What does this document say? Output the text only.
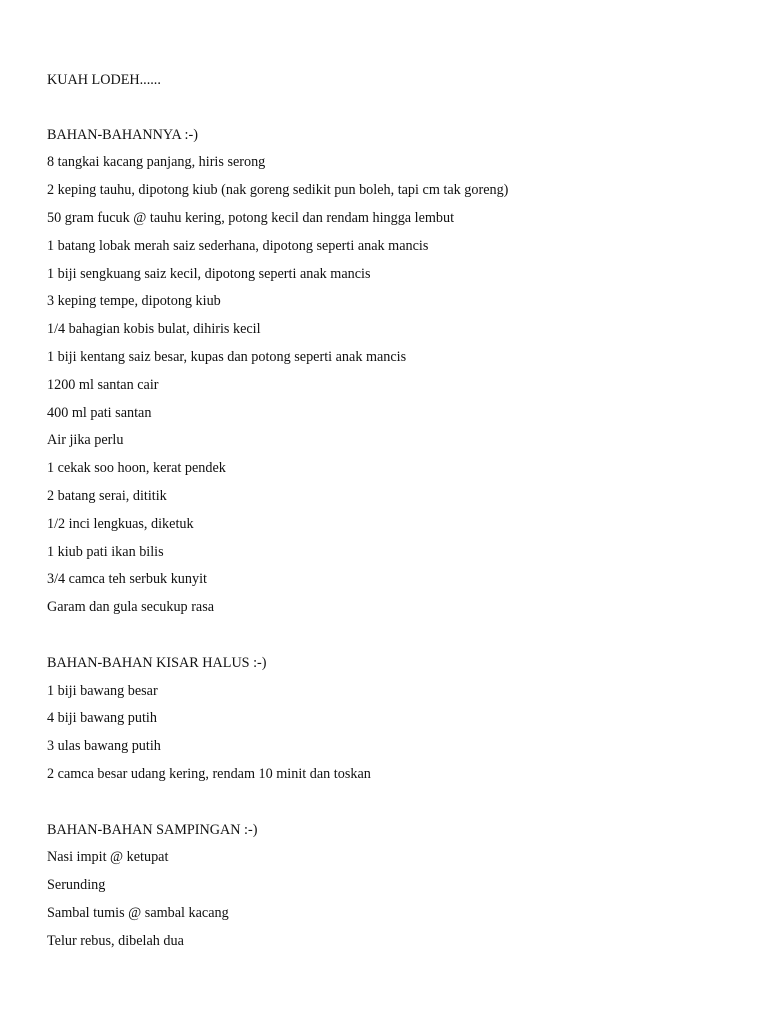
KUAH LODEH......

BAHAN-BAHANNYA :-)

8 tangkai kacang panjang, hiris serong

2 keping tauhu, dipotong kiub (nak goreng sedikit pun boleh, tapi cm tak goreng)

50 gram fucuk @ tauhu kering, potong kecil dan rendam hingga lembut

1 batang lobak merah saiz sederhana, dipotong seperti anak mancis

1 biji sengkuang saiz kecil, dipotong seperti anak mancis

3 keping tempe, dipotong kiub

1/4 bahagian kobis bulat, dihiris kecil

1 biji kentang saiz besar, kupas dan potong seperti anak mancis

1200 ml santan cair

400 ml pati santan

Air jika perlu

1 cekak soo hoon, kerat pendek

2 batang serai, dititik

1/2 inci lengkuas, diketuk

1 kiub pati ikan bilis

3/4 camca teh serbuk kunyit

Garam dan gula secukup rasa

BAHAN-BAHAN KISAR HALUS :-)

1 biji bawang besar

4 biji bawang putih

3 ulas bawang putih

2 camca besar udang kering, rendam 10 minit dan toskan

BAHAN-BAHAN SAMPINGAN :-)

Nasi impit @ ketupat

Serunding

Sambal tumis @ sambal kacang

Telur rebus, dibelah dua
